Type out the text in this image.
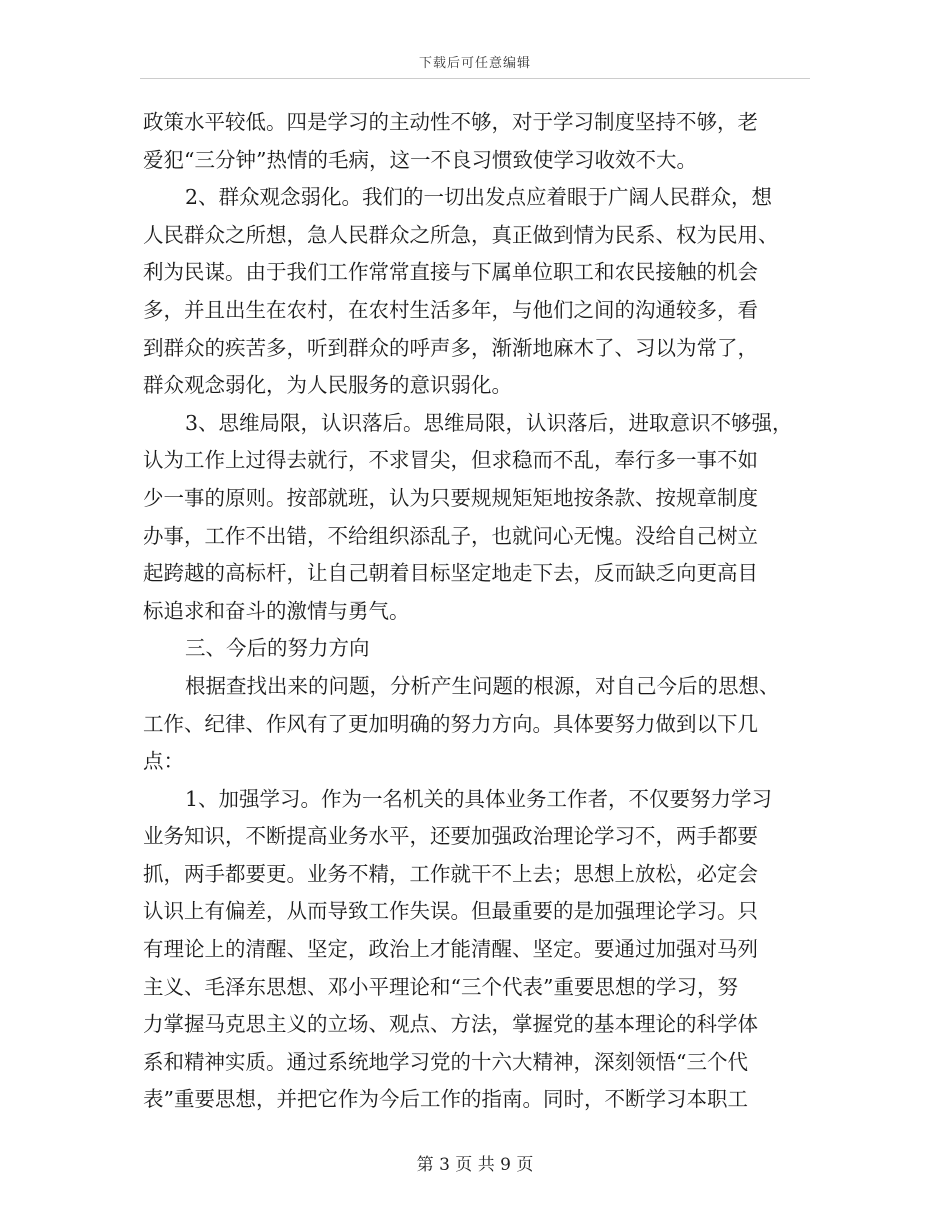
下载后可任意编辑
政策水平较低。四是学习的主动性不够，对于学习制度坚持不够，老
爱犯“三分钟”热情的毛病，这一不良习惯致使学习收效不大。
2、群众观念弱化。我们的一切出发点应着眼于广阔人民群众，想
人民群众之所想，急人民群众之所急，真正做到情为民系、权为民用、
利为民谋。由于我们工作常常直接与下属单位职工和农民接触的机会
多，并且出生在农村，在农村生活多年，与他们之间的沟通较多，看
到群众的疾苦多，听到群众的呼声多，渐渐地麻木了、习以为常了，
群众观念弱化，为人民服务的意识弱化。
3、思维局限，认识落后。思维局限，认识落后，进取意识不够强，
认为工作上过得去就行，不求冒尖，但求稳而不乱，奉行多一事不如
少一事的原则。按部就班，认为只要规规矩矩地按条款、按规章制度
办事，工作不出错，不给组织添乱子，也就问心无愧。没给自己树立
起跨越的高标杆，让自己朝着目标坚定地走下去，反而缺乏向更高目
标追求和奋斗的激情与勇气。
三、今后的努力方向
根据查找出来的问题，分析产生问题的根源，对自己今后的思想、
工作、纪律、作风有了更加明确的努力方向。具体要努力做到以下几
点：
1、加强学习。作为一名机关的具体业务工作者，不仅要努力学习
业务知识，不断提高业务水平，还要加强政治理论学习不，两手都要
抓，两手都要更。业务不精，工作就干不上去；思想上放松，必定会
认识上有偏差，从而导致工作失误。但最重要的是加强理论学习。只
有理论上的清醒、坚定，政治上才能清醒、坚定。要通过加强对马列
主义、毛泽东思想、邓小平理论和“三个代表”重要思想的学习，努
力掌握马克思主义的立场、观点、方法，掌握党的基本理论的科学体
系和精神实质。通过系统地学习党的十六大精神，深刻领悟“三个代
表”重要思想，并把它作为今后工作的指南。同时，不断学习本职工
第 3 页 共 9 页
